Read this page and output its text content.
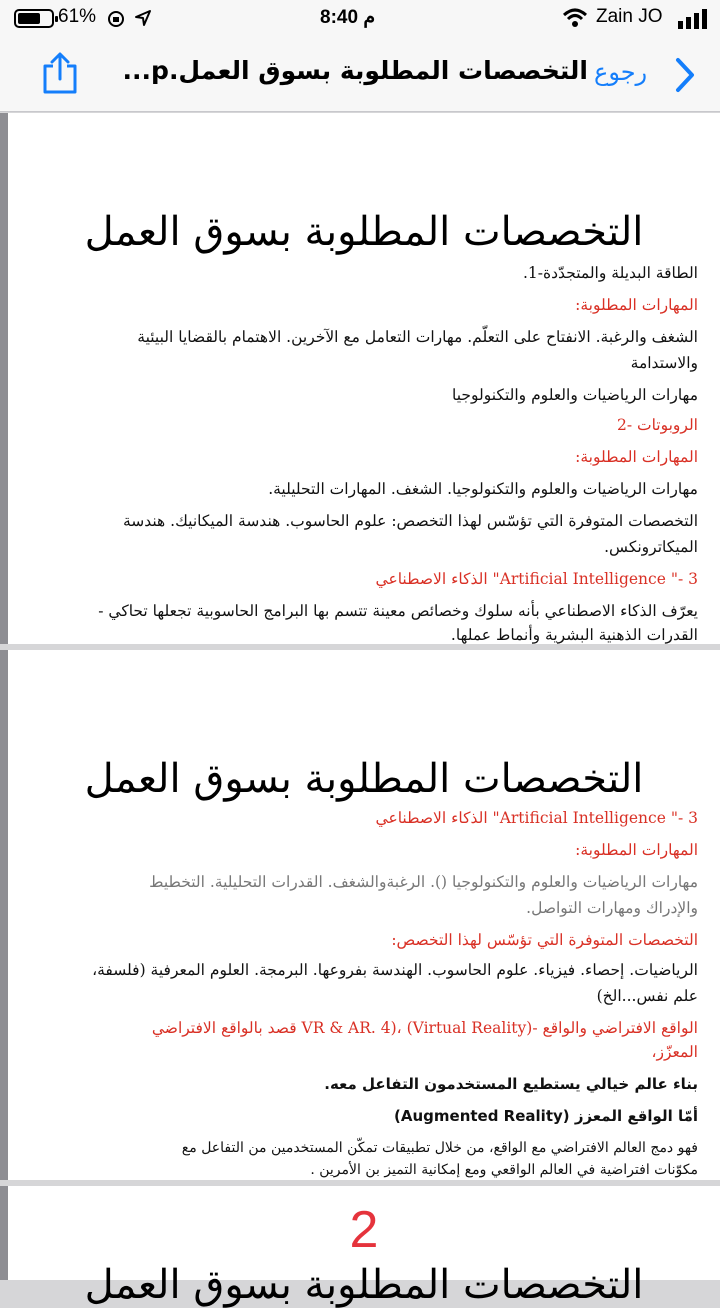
61%	8:40 م	Zain JO
التخصصات المطلوبة بسوق العمل.p... رجوع
التخصصات المطلوبة بسوق العمل
الطاقة البديلة والمتجدّدة-1.
المهارات المطلوبة:
الشغف والرغبة. الانفتاح على التعلّم. مهارات التعامل مع الآخرين. الاهتمام بالقضايا البيئية
والاستدامة
مهارات الرياضيات والعلوم والتكنولوجيا
الروبوتات -2
المهارات المطلوبة:
مهارات الرياضيات والعلوم والتكنولوجيا. الشغف. المهارات التحليلية.
التخصصات المتوفرة التي تؤسّس لهذا التخصص: علوم الحاسوب. هندسة الميكانيك. هندسة
الميكاترونكس.
3 -" Artificial Intelligence" الذكاء الاصطناعي
يعرّف الذكاء الاصطناعي بأنه سلوك وخصائص معينة تتسم بها البرامج الحاسوبية تجعلها تحاكي -
القدرات الذهنية البشرية وأنماط عملها.
التخصصات المطلوبة بسوق العمل
3 -" Artificial Intelligence" الذكاء الاصطناعي
المهارات المطلوبة:
مهارات الرياضيات والعلوم والتكنولوجيا (). الرغبةوالشغف. القدرات التحليلية. التخطيط
والإدراك ومهارات التواصل.
التخصصات المتوفرة التي تؤسّس لهذا التخصص:
الرياضيات. إحصاء. فيزياء. علوم الحاسوب. الهندسة بفروعها. البرمجة. العلوم المعرفية (فلسفة،
علم نفس...الخ)
الواقع الافتراضي والواقع -VR & AR. 4)، (Virtual Reality) قصد بالواقع الافتراضي
المعزّز،
بناء عالم خيالي يستطيع المستخدمون التفاعل معه.
أمّا الواقع المعزز (Augmented Reality)
فهو دمج العالم الافتراضي مع الواقع، من خلال تطبيقات تمكّن المستخدمين من التفاعل مع
مكوّنات افتراضية في العالم الواقعي ومع إمكانية التميز بن الأمرين .
2
التخصصات المطلوبة بسوق العمل
